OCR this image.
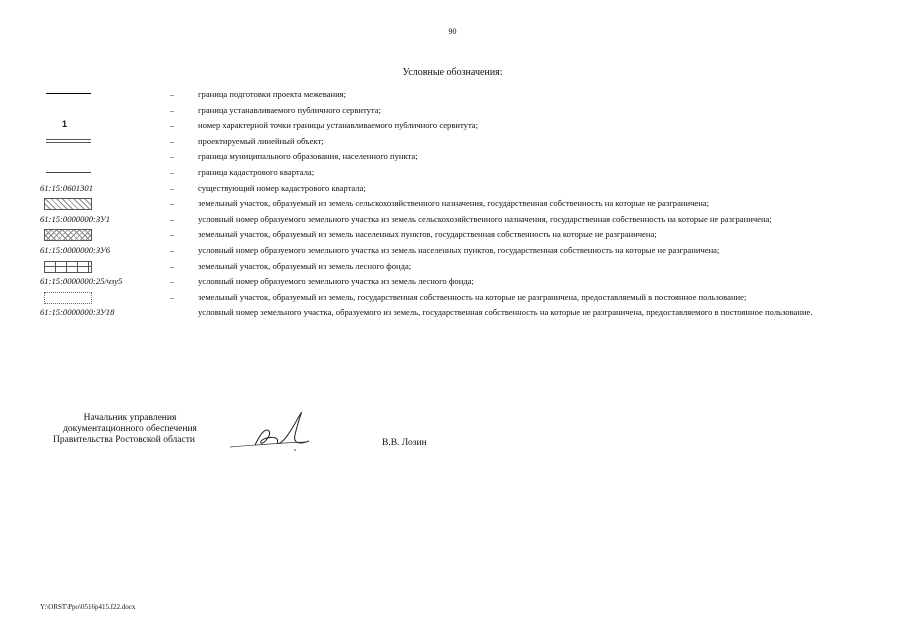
90
Условные обозначения:
–	граница подготовки проекта межевания;
–	граница устанавливаемого публичного сервитута;
1	–	номер характерной точки границы устанавливаемого публичного сервитута;
–	проектируемый линейный объект;
–	граница муниципального образования, населенного пункта;
–	граница кадастрового квартала;
61:15:0601301	–	существующий номер кадастрового квартала;
–	земельный участок, образуемый из земель сельскохозяйственного назначения, государственная собственность на которые не разграничена;
61:15:0000000:ЗУ1	–	условный номер образуемого земельного участка из земель сельскохозяйственного назначения, государственная собственность на которые не разграничена;
–	земельный участок, образуемый из земель населенных пунктов, государственная собственность на которые не разграничена;
61:15:0000000:ЗУ6	–	условный номер образуемого земельного участка из земель населенных пунктов, государственная собственность на которые не разграничена;
–	земельный участок, образуемый из земель лесного фонда;
61:15:0000000:25/чзу5	–	условный номер образуемого земельного участка из земель лесного фонда;
–	земельный участок, образуемый из земель, государственная собственность на которые не разграничена, предоставляемый в постоянное пользование;
61:15:0000000:ЗУ18	условный номер земельного участка, образуемого из земель, государственная собственность на которые не разграничена, предоставляемого в постоянное пользование.
Начальник управления
документационного обеспечения
Правительства Ростовской области	В.В. Лозин
Y:\ORST\Ppo\0516p415.f22.docx
